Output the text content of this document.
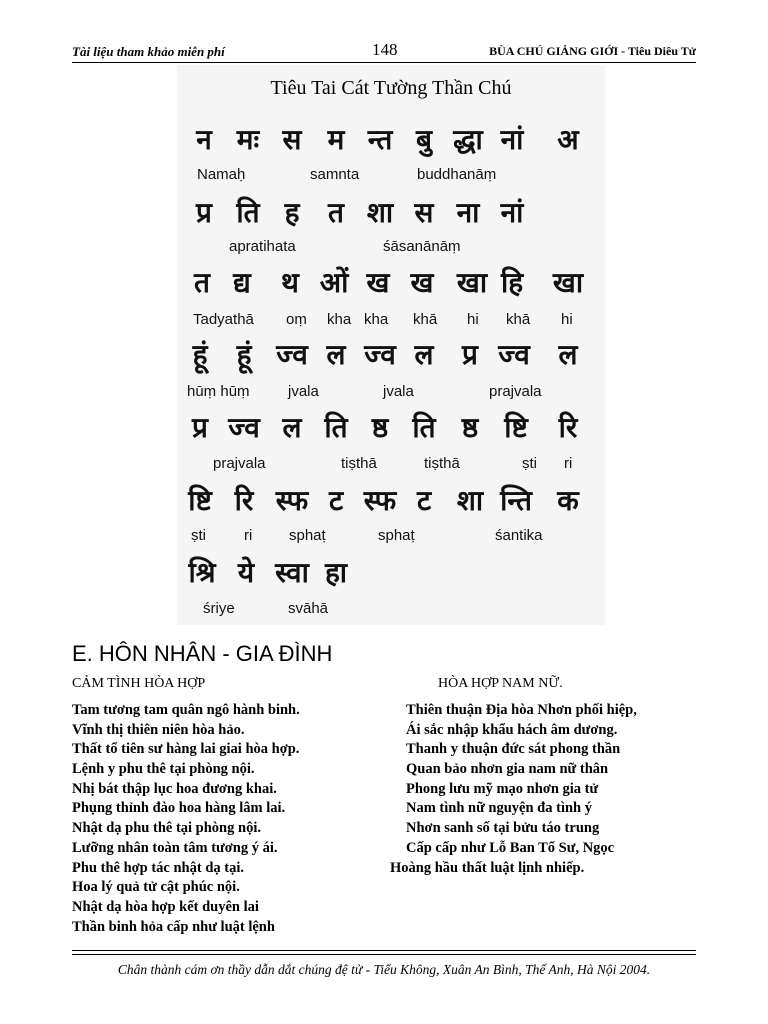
Tài liệu tham khảo miễn phí	148	BÙA CHÚ GIẢNG GIỚI - Tiêu Diêu Tử
Tiêu Tai Cát Tường Thần Chú
न मः स म न्त बु द्धा नां अ
Namaḥ	samnta	buddhanāṃ
प्र ति ह	त शा स ना नां
apratihata	śāsanānāṃ
त द्य थ ओं ख ख खा हि खा
Tadyathā oṃ kha kha khā hi khā hi
हूं	हूं ज्व ल ज्व ल	प्र ज्व ल
hūṃ hūṃ	jvala	jvala	prajvala
प्र ज्व ल ति ष्ठ ति ष्ठ ष्टि रि
prajvala	tiṣthā	tiṣthā	ṣti ri
ष्टि रि स्फ ट स्फ ट शा न्ति क
ṣti	ri sphaṭ	sphaṭ	śantika
श्रि ये स्वा हा
śriye	svāhā
E. HÔN NHÂN - GIA ĐÌNH
CẢM TÌNH HÒA HỢP	HÒA HỢP NAM NỮ.
Tam tương tam quân ngô hành binh.
Vĩnh thị thiên niên hòa hảo.
Thất tổ tiên sư hàng lai giai hòa hợp.
Lệnh y phu thê tại phòng nội.
Nhị bát thập lục hoa đương khai.
Phụng thỉnh đào hoa hàng lâm lai.
Nhật dạ phu thê tại phòng nội.
Lưỡng nhân toàn tâm tương ý ái.
Phu thê hợp tác nhật dạ tại.
Hoa lý quả tử cật phúc nội.
Nhật dạ hòa hợp kết duyên lai
Thần binh hỏa cấp như luật lệnh
Thiên thuận Địa hòa Nhơn phối hiệp,
Ái sắc nhập khẩu hách âm dương.
Thanh y thuận đức sát phong thần
Quan bảo nhơn gia nam nữ thân
Phong lưu mỹ mạo nhơn gia tử
Nam tình nữ nguyện đa tình ý
Nhơn sanh số tại bửu táo trung
Cấp cấp như Lỗ Ban Tổ Sư, Ngọc
Hoàng hầu thất luật lịnh nhiếp.
Chân thành cám ơn thầy dẫn dắt chúng đệ tử - Tiểu Không, Xuân An Bình, Thế Anh, Hà Nội 2004.
